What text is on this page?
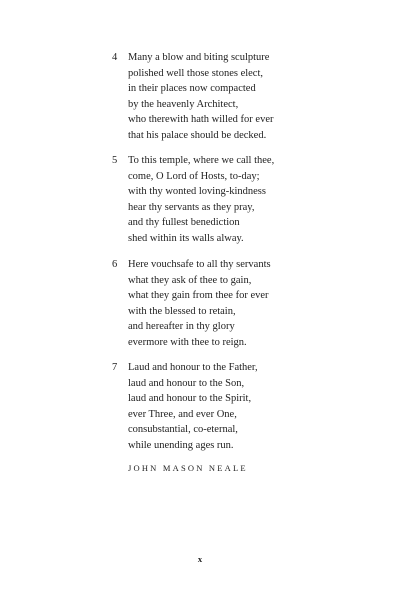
4 Many a blow and biting sculpture
polished well those stones elect,
in their places now compacted
by the heavenly Architect,
who therewith hath willed for ever
that his palace should be decked.
5 To this temple, where we call thee,
come, O Lord of Hosts, to-day;
with thy wonted loving-kindness
hear thy servants as they pray,
and thy fullest benediction
shed within its walls alway.
6 Here vouchsafe to all thy servants
what they ask of thee to gain,
what they gain from thee for ever
with the blessed to retain,
and hereafter in thy glory
evermore with thee to reign.
7 Laud and honour to the Father,
laud and honour to the Son,
laud and honour to the Spirit,
ever Three, and ever One,
consubstantial, co-eternal,
while unending ages run.
JOHN MASON NEALE
x
